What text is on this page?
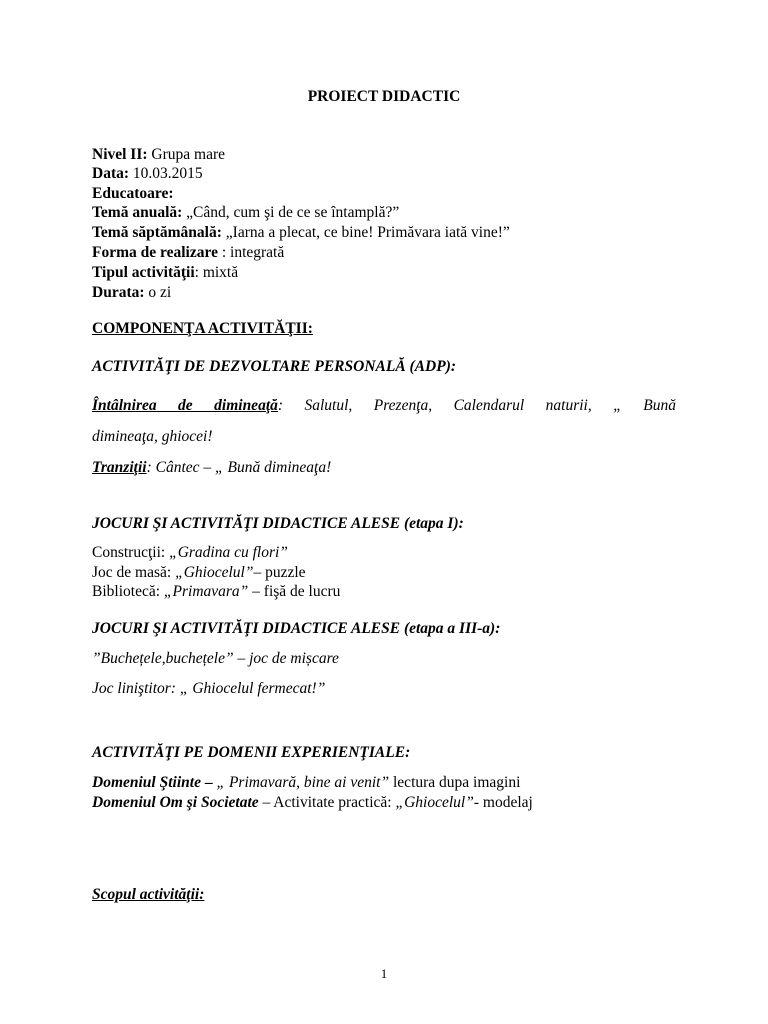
PROIECT DIDACTIC
Nivel II: Grupa mare
Data: 10.03.2015
Educatoare:
Temă anuală: „Când, cum şi de ce se întamplă?”
Temă săptămânală: „Iarna a plecat, ce bine! Primăvara iată vine!”
Forma de realizare : integrată
Tipul activităţii: mixtă
Durata: o zi
COMPONENŢA ACTIVITĂŢII:
ACTIVITĂŢI DE DEZVOLTARE PERSONALĂ (ADP):
Întâlnirea de dimineaţă: Salutul, Prezenţa, Calendarul naturii, „ Bună
dimineaţa, ghiocei!
Tranziţii: Cântec – „ Bună dimineaţa!
JOCURI ŞI ACTIVITĂŢI DIDACTICE ALESE (etapa I):
Construcţii: „Gradina cu flori”
Joc de masă: „Ghiocelul”– puzzle
Bibliotecă: „Primavara” – fişă de lucru
JOCURI ŞI ACTIVITĂŢI DIDACTICE ALESE (etapa a III-a):
”Buchețele,buchețele” – joc de mișcare
Joc liniştitor: „ Ghiocelul fermecat!”
ACTIVITĂŢI PE DOMENII EXPERIENŢIALE:
Domeniul Ştiinte – „ Primavară, bine ai venit” lectura dupa imagini
Domeniul Om şi Societate – Activitate practică: „Ghiocelul”- modelaj
Scopul activităţii:
1
